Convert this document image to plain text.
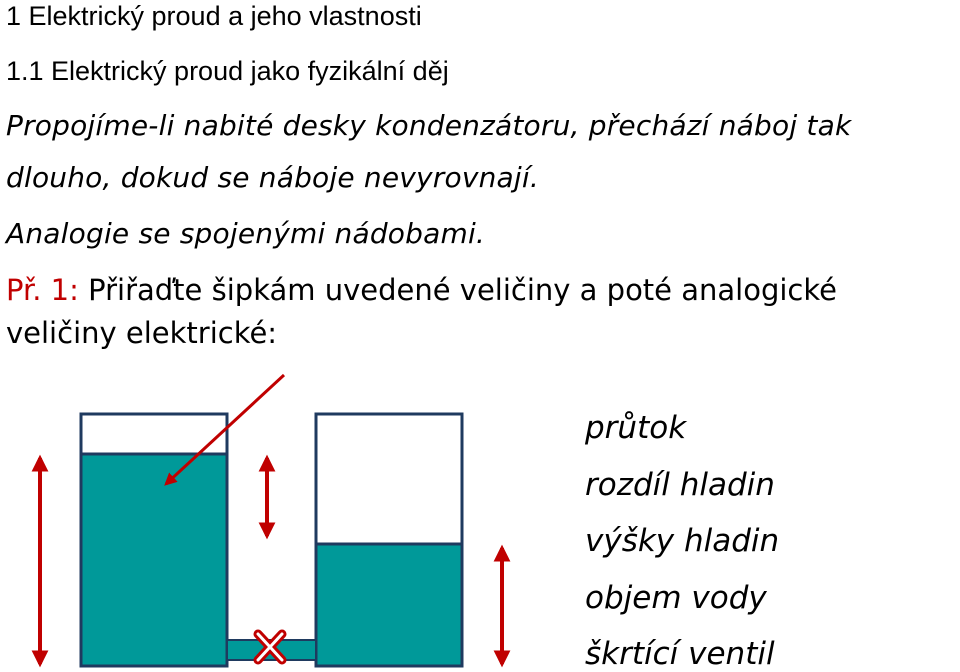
1 Elektrický proud a jeho vlastnosti
1.1 Elektrický proud jako fyzikální děj
Propojíme-li nabité desky kondenzátoru, přechází náboj tak
dlouho, dokud se náboje nevyrovnají.
Analogie se spojenými nádobami.
Př. 1: Přiřaďte šipkám uvedené veličiny a poté analogické
veličiny elektrické:
průtok
rozdíl hladin
výšky hladin
objem vody
škrtící ventil
